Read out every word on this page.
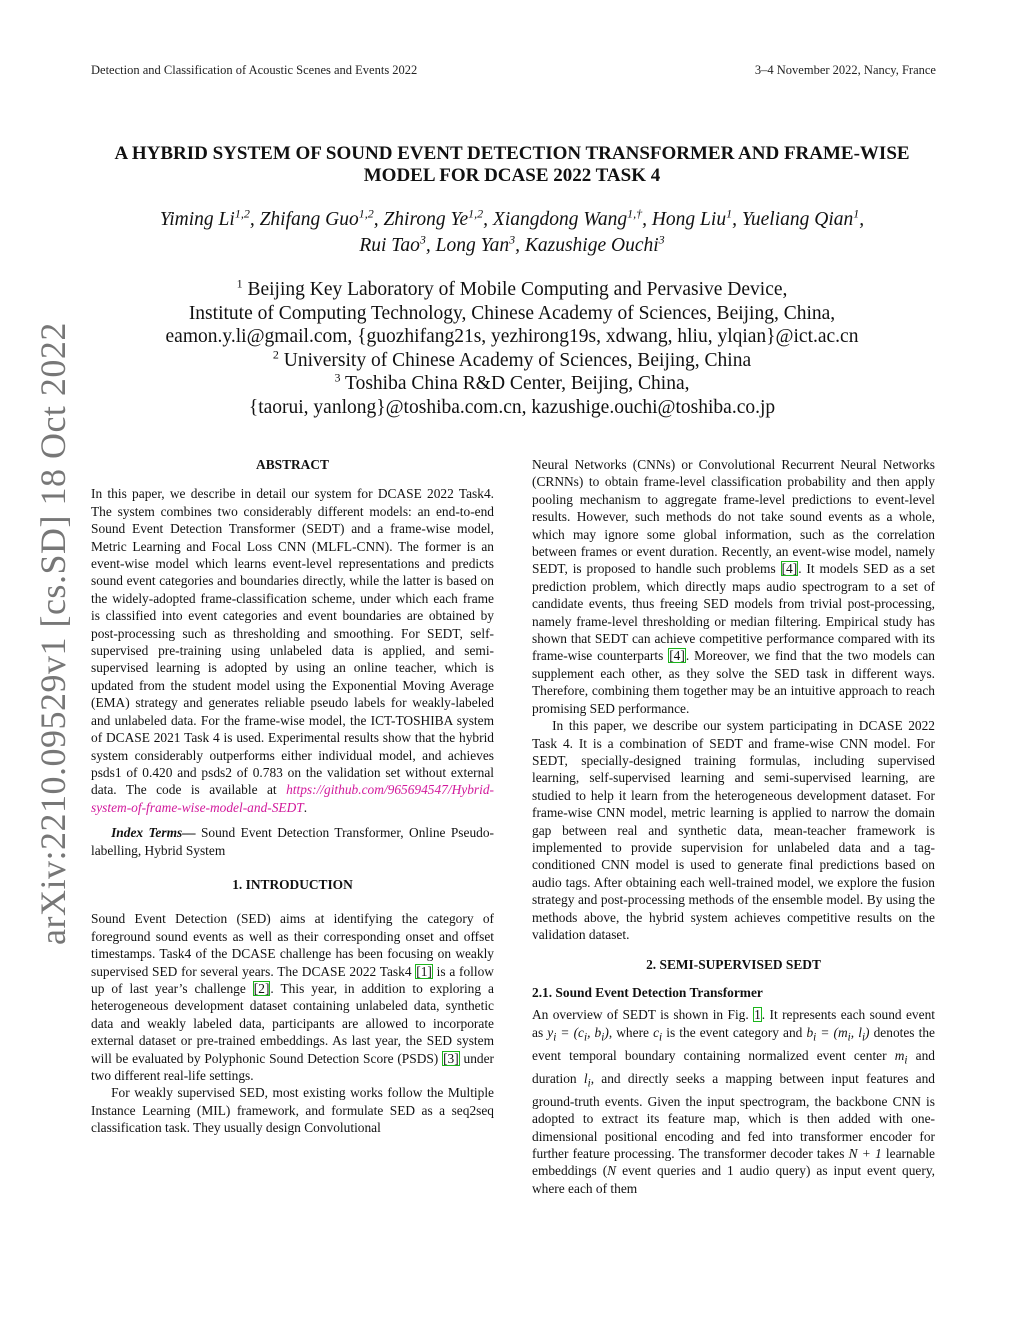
Detection and Classification of Acoustic Scenes and Events 2022	3–4 November 2022, Nancy, France
arXiv:2210.09529v1 [cs.SD] 18 Oct 2022
A HYBRID SYSTEM OF SOUND EVENT DETECTION TRANSFORMER AND FRAME-WISE
MODEL FOR DCASE 2022 TASK 4
Yiming Li$^{1,2}$, Zhifang Guo$^{1,2}$, Zhirong Ye$^{1,2}$, Xiangdong Wang$^{1,\dagger}$, Hong Liu$^1$, Yueliang Qian$^1$,
Rui Tao$^3$, Long Yan$^3$, Kazushige Ouchi$^3$
$^1$ Beijing Key Laboratory of Mobile Computing and Pervasive Device,
Institute of Computing Technology, Chinese Academy of Sciences, Beijing, China,
eamon.y.li@gmail.com, {guozhifang21s, yezhirong19s, xdwang, hliu, ylqian}@ict.ac.cn
$^2$ University of Chinese Academy of Sciences, Beijing, China
$^3$ Toshiba China R&D Center, Beijing, China,
{taorui, yanlong}@toshiba.com.cn, kazushige.ouchi@toshiba.co.jp

ABSTRACT

In this paper, we describe in detail our system for DCASE 2022 Task4. The system combines two considerably different models: an end-to-end Sound Event Detection Transformer (SEDT) and a frame-wise model, Metric Learning and Focal Loss CNN (MLFL-CNN). The former is an event-wise model which learns event-level representations and predicts sound event categories and boundaries directly, while the latter is based on the widely-adopted frame-classification scheme, under which each frame is classified into event categories and event boundaries are obtained by post-processing such as thresholding and smoothing. For SEDT, self-supervised pre-training using unlabeled data is applied, and semi-supervised learning is adopted by using an online teacher, which is updated from the student model using the Exponential Moving Average (EMA) strategy and generates reliable pseudo labels for weakly-labeled and unlabeled data. For the frame-wise model, the ICT-TOSHIBA system of DCASE 2021 Task 4 is used. Experimental results show that the hybrid system considerably outperforms either individual model, and achieves psds1 of 0.420 and psds2 of 0.783 on the validation set without external data. The code is available at https://github.com/965694547/Hybrid-system-of-frame-wise-model-and-SEDT.

Index Terms— Sound Event Detection Transformer, Online Pseudo-labelling, Hybrid System

1. INTRODUCTION

Sound Event Detection (SED) aims at identifying the category of foreground sound events as well as their corresponding onset and offset timestamps. Task4 of the DCASE challenge has been focusing on weakly supervised SED for several years. The DCASE 2022 Task4 [1] is a follow up of last year’s challenge [2]. This year, in addition to exploring a heterogeneous development dataset containing unlabeled data, synthetic data and weakly labeled data, participants are allowed to incorporate external dataset or pre-trained embeddings. As last year, the SED system will be evaluated by Polyphonic Sound Detection Score (PSDS) [3] under two different real-life settings.

For weakly supervised SED, most existing works follow the Multiple Instance Learning (MIL) framework, and formulate SED as a seq2seq classification task. They usually design Convolutional

Neural Networks (CNNs) or Convolutional Recurrent Neural Networks (CRNNs) to obtain frame-level classification probability and then apply pooling mechanism to aggregate frame-level predictions to event-level results. However, such methods do not take sound events as a whole, which may ignore some global information, such as the correlation between frames or event duration. Recently, an event-wise model, namely SEDT, is proposed to handle such problems [4]. It models SED as a set prediction problem, which directly maps audio spectrogram to a set of candidate events, thus freeing SED models from trivial post-processing, namely frame-level thresholding or median filtering. Empirical study has shown that SEDT can achieve competitive performance compared with its frame-wise counterparts [4]. Moreover, we find that the two models can supplement each other, as they solve the SED task in different ways. Therefore, combining them together may be an intuitive approach to reach promising SED performance.

In this paper, we describe our system participating in DCASE 2022 Task 4. It is a combination of SEDT and frame-wise CNN model. For SEDT, specially-designed training formulas, including supervised learning, self-supervised learning and semi-supervised learning, are studied to help it learn from the heterogeneous development dataset. For frame-wise CNN model, metric learning is applied to narrow the domain gap between real and synthetic data, mean-teacher framework is implemented to provide supervision for unlabeled data and a tag-conditioned CNN model is used to generate final predictions based on audio tags. After obtaining each well-trained model, we explore the fusion strategy and post-processing methods of the ensemble model. By using the methods above, the hybrid system achieves competitive results on the validation dataset.

2. SEMI-SUPERVISED SEDT

2.1. Sound Event Detection Transformer

An overview of SEDT is shown in Fig. 1. It represents each sound event as $y_i = (c_i$, $b_i$), where $c_i$ is the event category and $b_i = (m_i$, $l_i$) denotes the event temporal boundary containing normalized event center $m_i$ and duration $l_i$, and directly seeks a mapping between input features and ground-truth events. Given the input spectrogram, the backbone CNN is adopted to extract its feature map, which is then added with one-dimensional positional encoding and fed into transformer encoder for further feature processing. The transformer decoder takes N + 1 learnable embeddings (N event queries and 1 audio query) as input event query, where each of them
